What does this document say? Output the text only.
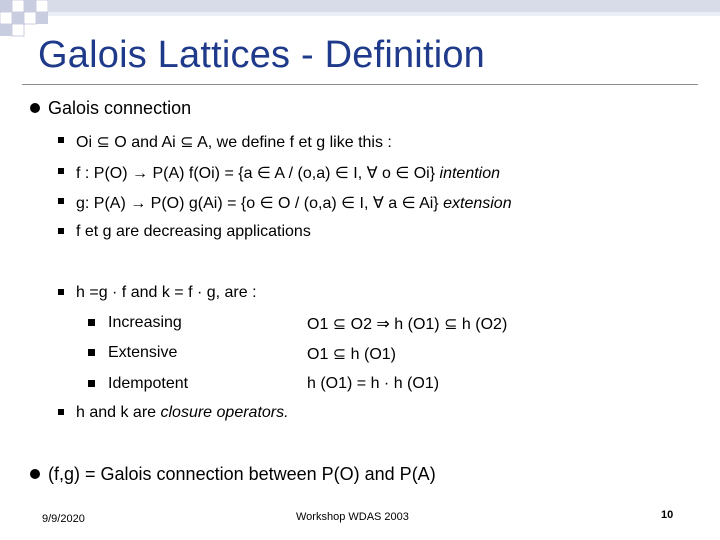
Galois Lattices - Definition
Galois connection
Oi ⊆ O and Ai ⊆ A, we define f et g like this :
f : P(O) → P(A) f(Oi) = {a ∈ A / (o,a) ∈ I, ∀ o ∈ Oi} intention
g: P(A) → P(O) g(Ai) = {o ∈ O / (o,a) ∈ I, ∀ a ∈ Ai} extension
f et g are decreasing applications
h =g · f and k = f · g, are :
Increasing	O1 ⊆ O2 ⇒ h (O1) ⊆ h (O2)
Extensive	O1 ⊆ h (O1)
Idempotent	h (O1) = h · h (O1)
h and k are closure operators.
(f,g) = Galois connection between P(O) and P(A)
9/9/2020	Workshop WDAS 2003	10
